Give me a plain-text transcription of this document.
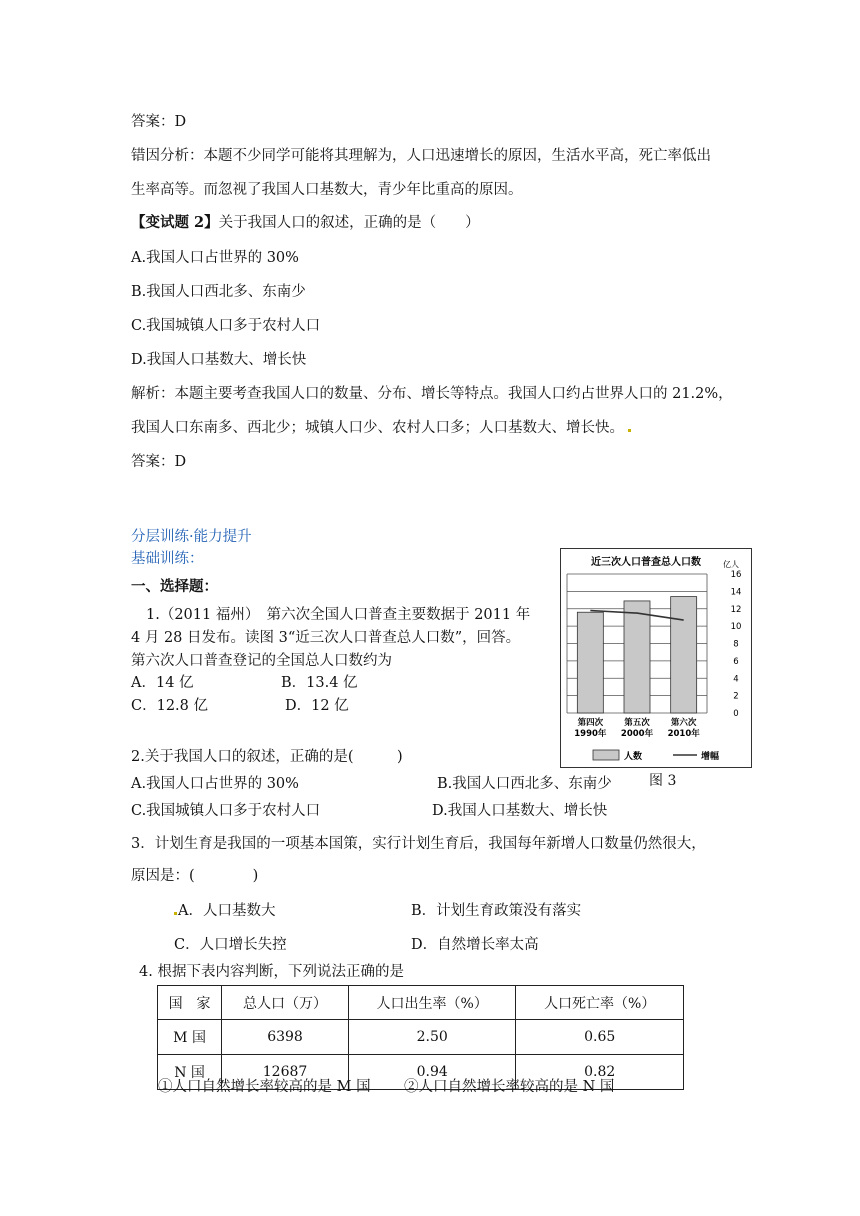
答案：D
错因分析：本题不少同学可能将其理解为，人口迅速增长的原因，生活水平高，死亡率低出
生率高等。而忽视了我国人口基数大，青少年比重高的原因。
【变试题 2】关于我国人口的叙述，正确的是（　　）
A.我国人口占世界的 30%
B.我国人口西北多、东南少
C.我国城镇人口多于农村人口
D.我国人口基数大、增长快
解析：本题主要考查我国人口的数量、分布、增长等特点。我国人口约占世界人口的 21.2%，
我国人口东南多、西北少；城镇人口少、农村人口多；人口基数大、增长快。
答案：D
分层训练·能力提升
基础训练：
一、选择题：
1.（2011 福州）　第六次全国人口普查主要数据于 2011 年
4 月 28 日发布。读图 3“近三次人口普查总人口数”，回答。
第六次人口普查登记的全国总人口数约为
A．14 亿	B．13.4 亿
C．12.8 亿	D．12 亿
近三次人口普查总人口数	亿人
0
2
4
6
8
10
12
14
16
第四次
1990年
第五次
2000年
第六次
2010年
人数	增幅
图 3
2.关于我国人口的叙述，正确的是(　　　)
A.我国人口占世界的 30%	B.我国人口西北多、东南少
C.我国城镇人口多于农村人口	D.我国人口基数大、增长快
3．计划生育是我国的一项基本国策，实行计划生育后，我国每年新增人口数量仍然很大，
原因是：(　　　　)
A．人口基数大	B．计划生育政策没有落实
C．人口增长失控	D．自然增长率太高
4. 根据下表内容判断，下列说法正确的是
国　家	总人口（万）	人口出生率（%）	人口死亡率（%）
M 国	6398	2.50	0.65
N 国	12687	0.94	0.82
①人口自然增长率较高的是 M 国 ②人口自然增长率较高的是 N 国
